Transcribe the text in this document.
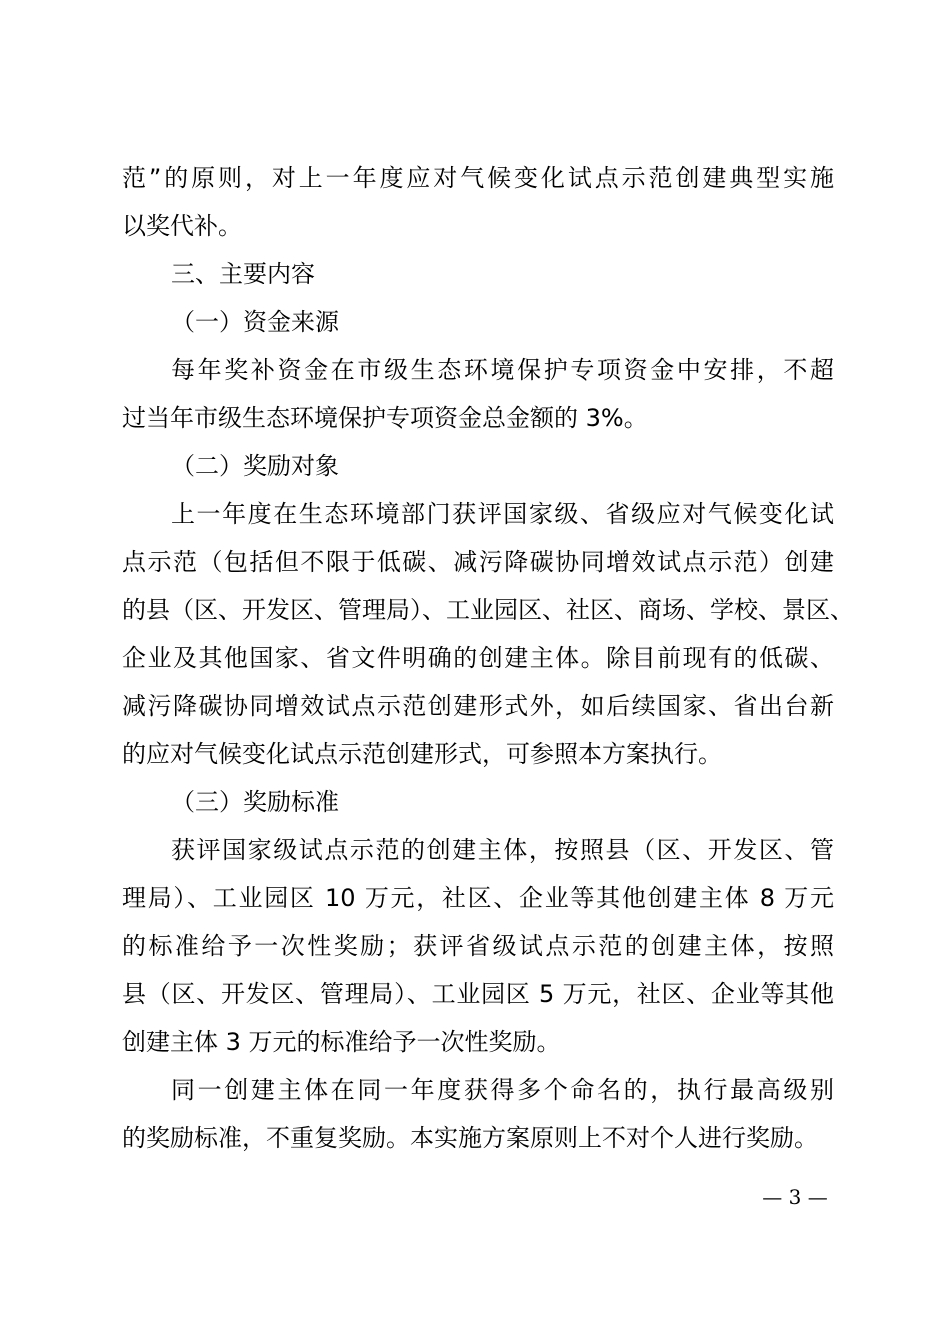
范”的原则，对上一年度应对气候变化试点示范创建典型实施
以奖代补。
三、主要内容
（一）资金来源
每年奖补资金在市级生态环境保护专项资金中安排，不超
过当年市级生态环境保护专项资金总金额的 3%。
（二）奖励对象
上一年度在生态环境部门获评国家级、省级应对气候变化试
点示范（包括但不限于低碳、减污降碳协同增效试点示范）创建
的县（区、开发区、管理局）、工业园区、社区、商场、学校、景区、
企业及其他国家、省文件明确的创建主体。除目前现有的低碳、
减污降碳协同增效试点示范创建形式外，如后续国家、省出台新
的应对气候变化试点示范创建形式，可参照本方案执行。
（三）奖励标准
获评国家级试点示范的创建主体，按照县（区、开发区、管
理局）、工业园区 10 万元，社区、企业等其他创建主体 8 万元
的标准给予一次性奖励；获评省级试点示范的创建主体，按照
县（区、开发区、管理局）、工业园区 5 万元，社区、企业等其他
创建主体 3 万元的标准给予一次性奖励。
同一创建主体在同一年度获得多个命名的，执行最高级别
的奖励标准，不重复奖励。本实施方案原则上不对个人进行奖励。
— 3 —
